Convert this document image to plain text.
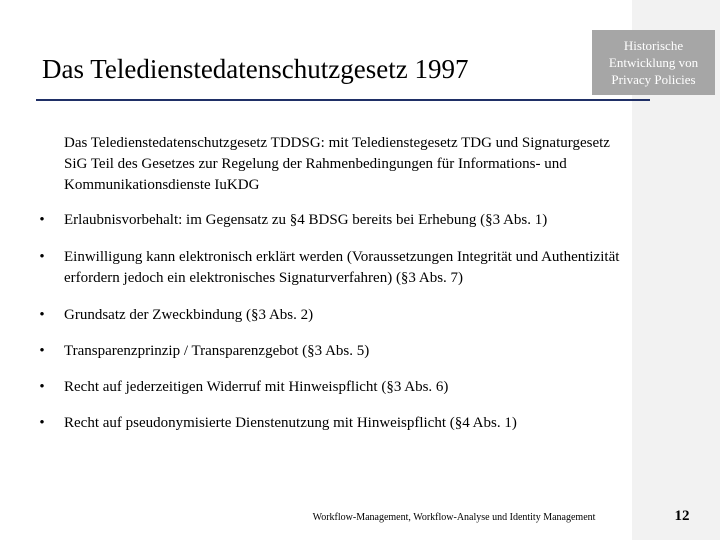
Das Teledienstedatenschutzgesetz 1997
Historische Entwicklung von Privacy Policies
Das Teledienstedatenschutzgesetz TDDSG: mit Teledienstegesetz TDG und Signaturgesetz SiG Teil des Gesetzes zur Regelung der Rahmenbedingungen für Informations- und Kommunikationsdienste IuKDG
• Erlaubnisvorbehalt: im Gegensatz zu §4 BDSG bereits bei Erhebung (§3 Abs. 1)
• Einwilligung kann elektronisch erklärt werden (Voraussetzungen Integrität und Authentizität erfordern jedoch ein elektronisches Signaturverfahren) (§3 Abs. 7)
• Grundsatz der Zweckbindung (§3 Abs. 2)
• Transparenzprinzip / Transparenzgebot (§3 Abs. 5)
• Recht auf jederzeitigen Widerruf mit Hinweispflicht (§3 Abs. 6)
• Recht auf pseudonymisierte Dienstenutzung mit Hinweispflicht (§4 Abs. 1)
Workflow-Management, Workflow-Analyse und Identity Management	12
